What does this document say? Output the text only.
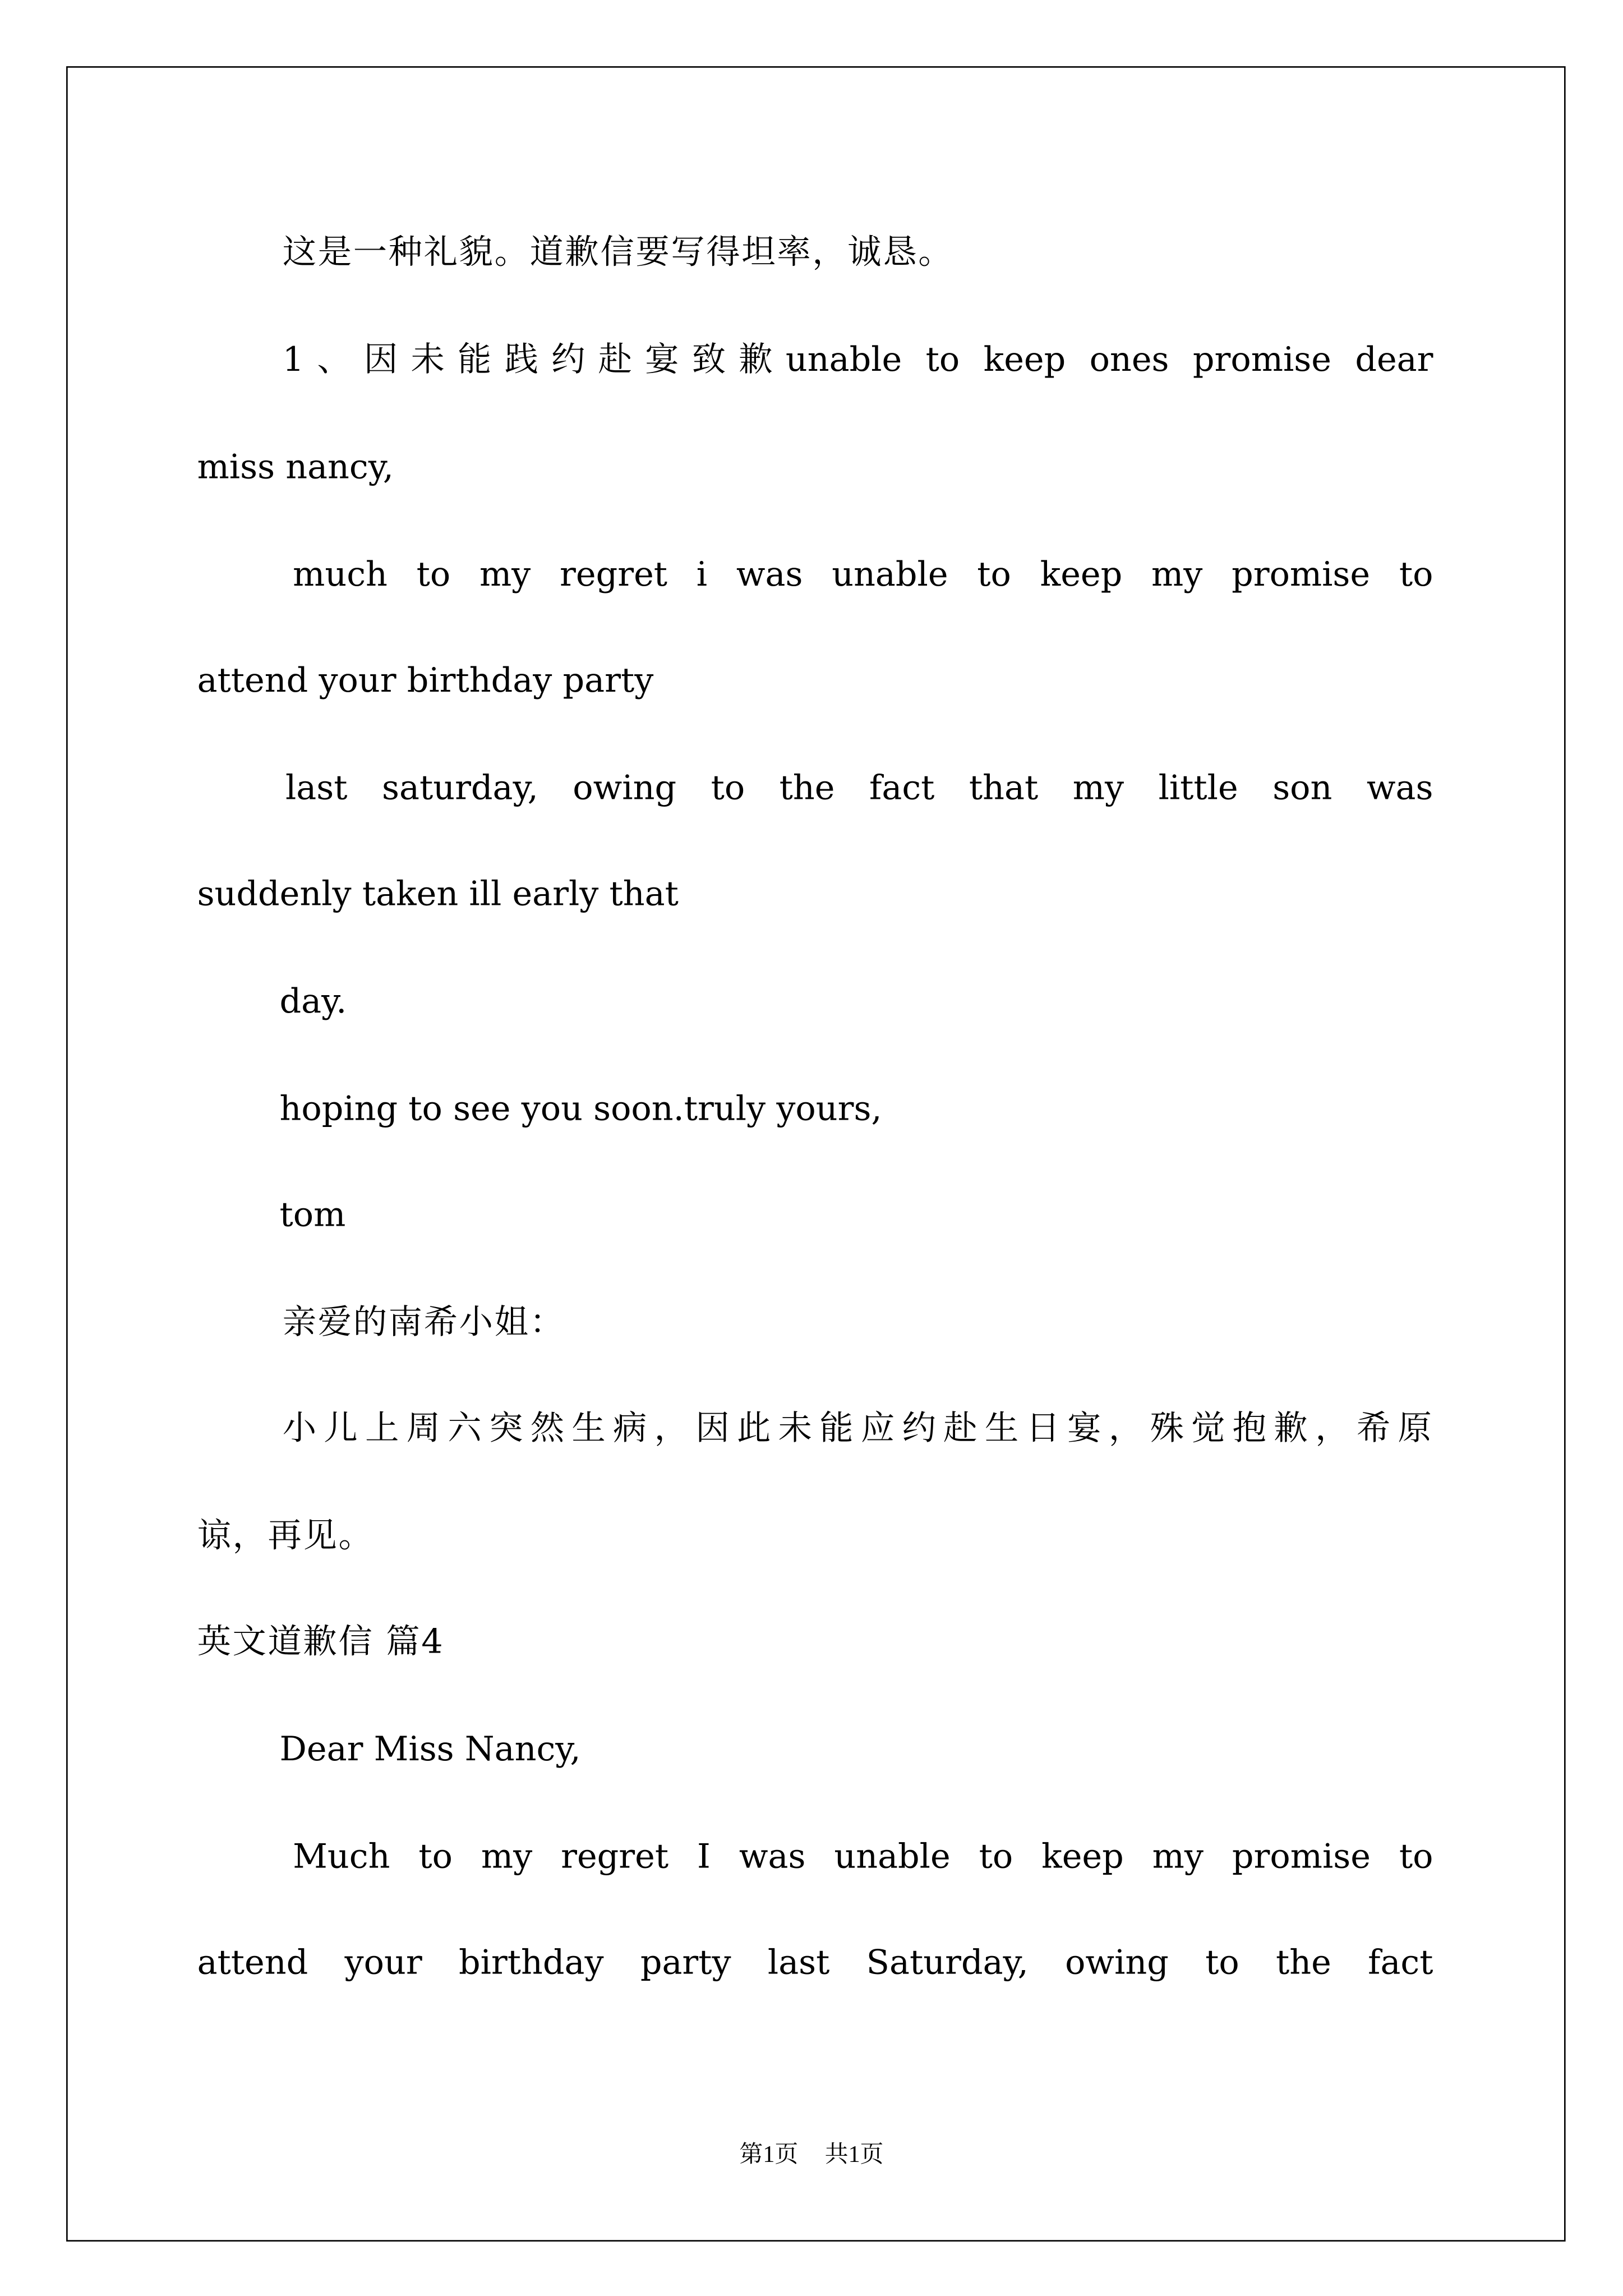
这是一种礼貌。道歉信要写得坦率，诚恳。
1、因未能践约赴宴致歉unable to keep ones promise dear
miss nancy,
much to my regret i was unable to keep my promise to
attend your birthday party
last saturday, owing to the fact that my little son was
suddenly taken ill early that
day.
hoping to see you soon.truly yours,
tom
亲爱的南希小姐：
小儿上周六突然生病，因此未能应约赴生日宴，殊觉抱歉，希原
谅，再见。
英文道歉信 篇4
Dear Miss Nancy,
Much to my regret I was unable to keep my promise to
attend your birthday party last Saturday, owing to the fact
第1页	共1页
